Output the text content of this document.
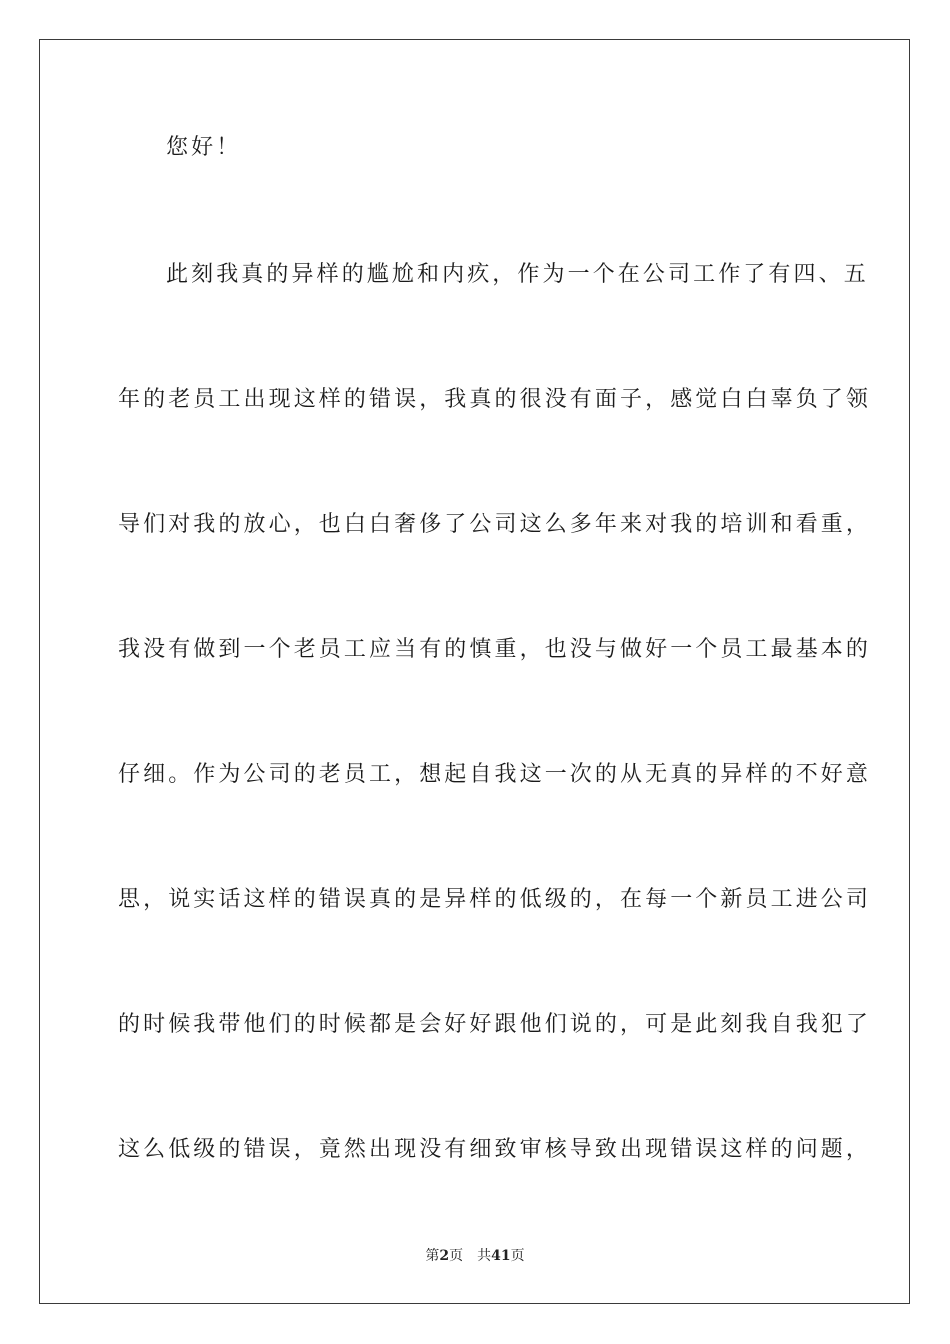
您好！
此刻我真的异样的尴尬和内疚，作为一个在公司工作了有四、五
年的老员工出现这样的错误，我真的很没有面子，感觉白白辜负了领
导们对我的放心，也白白奢侈了公司这么多年来对我的培训和看重，
我没有做到一个老员工应当有的慎重，也没与做好一个员工最基本的
仔细。作为公司的老员工，想起自我这一次的从无真的异样的不好意
思，说实话这样的错误真的是异样的低级的，在每一个新员工进公司
的时候我带他们的时候都是会好好跟他们说的，可是此刻我自我犯了
这么低级的错误，竟然出现没有细致审核导致出现错误这样的问题，
第2页 共41页
